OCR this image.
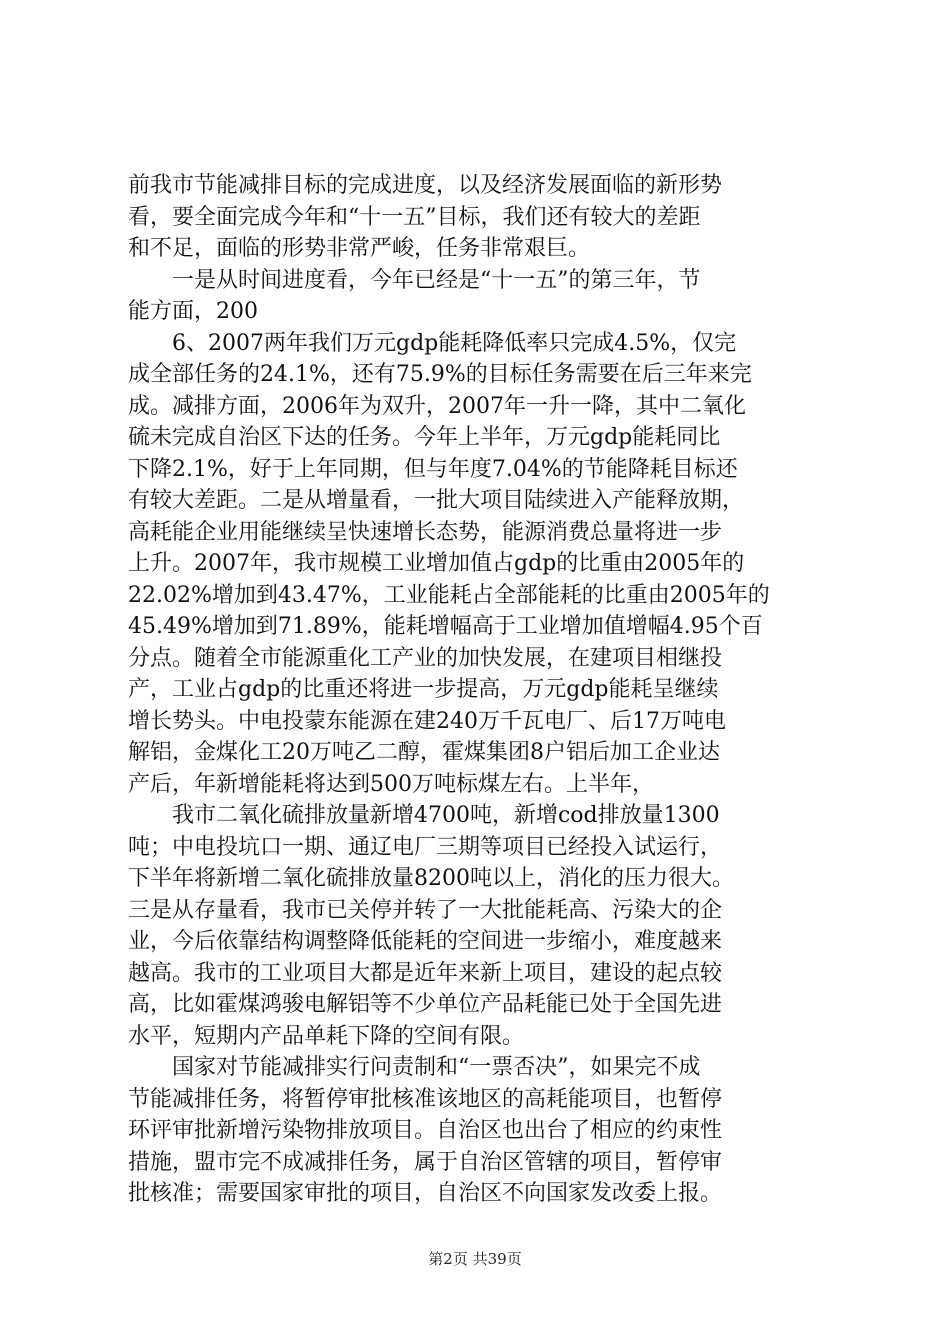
前我市节能减排目标的完成进度，以及经济发展面临的新形势
看，要全面完成今年和“十一五”目标，我们还有较大的差距
和不足，面临的形势非常严峻，任务非常艰巨。
　　一是从时间进度看，今年已经是“十一五”的第三年，节
能方面，200
　　6、2007两年我们万元gdp能耗降低率只完成4.5%，仅完
成全部任务的24.1%，还有75.9%的目标任务需要在后三年来完
成。减排方面，2006年为双升，2007年一升一降，其中二氧化
硫未完成自治区下达的任务。今年上半年，万元gdp能耗同比
下降2.1%，好于上年同期，但与年度7.04%的节能降耗目标还
有较大差距。二是从增量看，一批大项目陆续进入产能释放期，
高耗能企业用能继续呈快速增长态势，能源消费总量将进一步
上升。2007年，我市规模工业增加值占gdp的比重由2005年的
22.02%增加到43.47%，工业能耗占全部能耗的比重由2005年的
45.49%增加到71.89%，能耗增幅高于工业增加值增幅4.95个百
分点。随着全市能源重化工产业的加快发展，在建项目相继投
产，工业占gdp的比重还将进一步提高，万元gdp能耗呈继续
增长势头。中电投蒙东能源在建240万千瓦电厂、后17万吨电
解铝，金煤化工20万吨乙二醇，霍煤集团8户铝后加工企业达
产后，年新增能耗将达到500万吨标煤左右。上半年，
　　我市二氧化硫排放量新增4700吨，新增cod排放量1300
吨；中电投坑口一期、通辽电厂三期等项目已经投入试运行，
下半年将新增二氧化硫排放量8200吨以上，消化的压力很大。
三是从存量看，我市已关停并转了一大批能耗高、污染大的企
业，今后依靠结构调整降低能耗的空间进一步缩小，难度越来
越高。我市的工业项目大都是近年来新上项目，建设的起点较
高，比如霍煤鸿骏电解铝等不少单位产品耗能已处于全国先进
水平，短期内产品单耗下降的空间有限。
　　国家对节能减排实行问责制和“一票否决”，如果完不成
节能减排任务，将暂停审批核准该地区的高耗能项目，也暂停
环评审批新增污染物排放项目。自治区也出台了相应的约束性
措施，盟市完不成减排任务，属于自治区管辖的项目，暂停审
批核准；需要国家审批的项目，自治区不向国家发改委上报。
第2页 共39页
